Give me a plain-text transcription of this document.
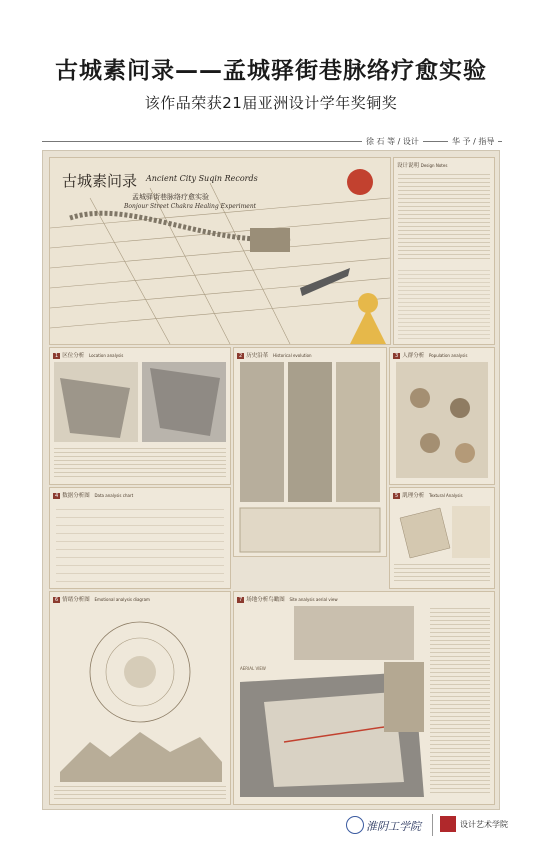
古城素问录——孟城驿街巷脉络疗愈实验
该作品荣获21届亚洲设计学年奖铜奖
徐 石 等 / 设计	华 予 / 指导
古城素问录 Ancient City Suqin Records
孟城驿街巷脉络疗愈实验
Bonjour Street Chakra Healing Experiment
设计说明 Design Notes
1 区位分析 Location analysis	2 历史沿革 Historical evolution	3 人群分析 Population analysis
4 数据分析图 Data analysis chart	5 肌理分析 Textural Analysis
6 情绪分析图 Emotional analysis diagram	7 场地分析鸟瞰图 Site analysis aerial view
AERIAL VIEW
淮阴工学院	设计艺术学院
